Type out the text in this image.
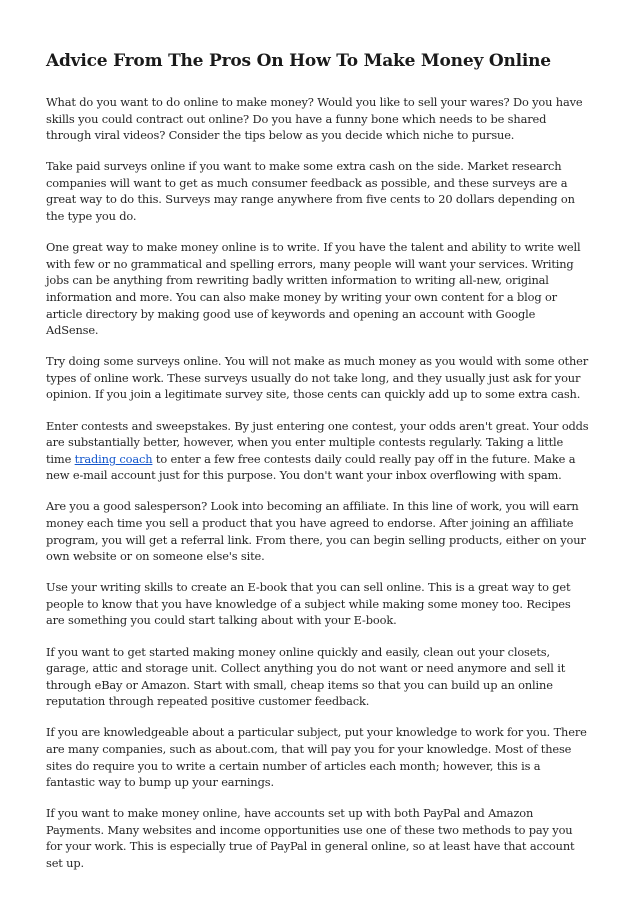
Advice From The Pros On How To Make Money Online

What do you want to do online to make money? Would you like to sell your wares? Do you have skills you could contract out online? Do you have a funny bone which needs to be shared through viral videos? Consider the tips below as you decide which niche to pursue.

Take paid surveys online if you want to make some extra cash on the side. Market research companies will want to get as much consumer feedback as possible, and these surveys are a great way to do this. Surveys may range anywhere from five cents to 20 dollars depending on the type you do.

One great way to make money online is to write. If you have the talent and ability to write well with few or no grammatical and spelling errors, many people will want your services. Writing jobs can be anything from rewriting badly written information to writing all-new, original information and more. You can also make money by writing your own content for a blog or article directory by making good use of keywords and opening an account with Google AdSense.

Try doing some surveys online. You will not make as much money as you would with some other types of online work. These surveys usually do not take long, and they usually just ask for your opinion. If you join a legitimate survey site, those cents can quickly add up to some extra cash.

Enter contests and sweepstakes. By just entering one contest, your odds aren't great. Your odds are substantially better, however, when you enter multiple contests regularly. Taking a little time trading coach to enter a few free contests daily could really pay off in the future. Make a new e-mail account just for this purpose. You don't want your inbox overflowing with spam.

Are you a good salesperson? Look into becoming an affiliate. In this line of work, you will earn money each time you sell a product that you have agreed to endorse. After joining an affiliate program, you will get a referral link. From there, you can begin selling products, either on your own website or on someone else's site.

Use your writing skills to create an E-book that you can sell online. This is a great way to get people to know that you have knowledge of a subject while making some money too. Recipes are something you could start talking about with your E-book.

If you want to get started making money online quickly and easily, clean out your closets, garage, attic and storage unit. Collect anything you do not want or need anymore and sell it through eBay or Amazon. Start with small, cheap items so that you can build up an online reputation through repeated positive customer feedback.

If you are knowledgeable about a particular subject, put your knowledge to work for you. There are many companies, such as about.com, that will pay you for your knowledge. Most of these sites do require you to write a certain number of articles each month; however, this is a fantastic way to bump up your earnings.

If you want to make money online, have accounts set up with both PayPal and Amazon Payments. Many websites and income opportunities use one of these two methods to pay you for your work. This is especially true of PayPal in general online, so at least have that account set up.
